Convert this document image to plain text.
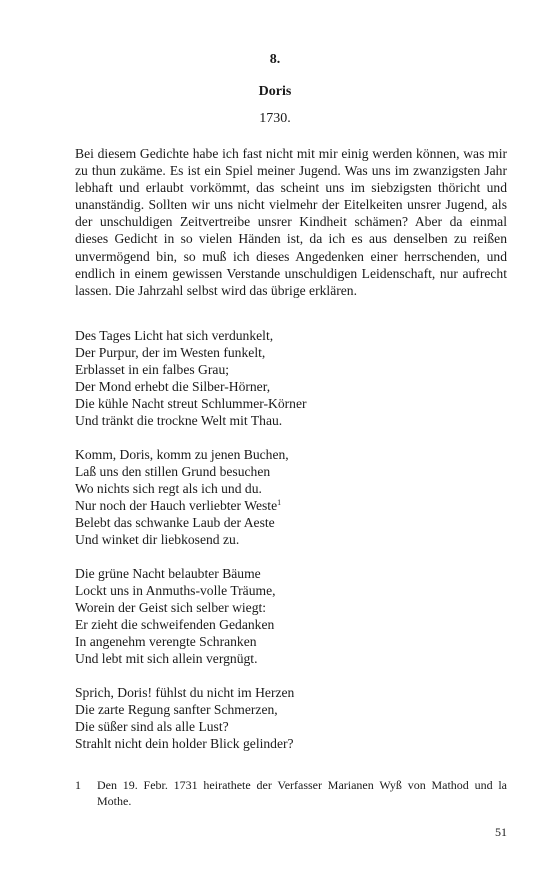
8.
Doris
1730.

Bei diesem Gedichte habe ich fast nicht mit mir einig werden können, was mir zu thun zukäme. Es ist ein Spiel meiner Jugend. Was uns im zwanzigsten Jahr lebhaft und erlaubt vorkömmt, das scheint uns im siebzigsten thöricht und unanständig. Sollten wir uns nicht vielmehr der Eitelkeiten unsrer Jugend, als der unschuldigen Zeitvertreibe unsrer Kindheit schämen? Aber da einmal dieses Gedicht in so vielen Händen ist, da ich es aus denselben zu reißen unvermögend bin, so muß ich dieses Angedenken einer herrschenden, und endlich in einem gewissen Verstande unschuldigen Leidenschaft, nur aufrecht lassen. Die Jahrzahl selbst wird das übrige erklären.

Des Tages Licht hat sich verdunkelt,
Der Purpur, der im Westen funkelt,
Erblasset in ein falbes Grau;
Der Mond erhebt die Silber-Hörner,
Die kühle Nacht streut Schlummer-Körner
Und tränkt die trockne Welt mit Thau.
Komm, Doris, komm zu jenen Buchen,
Laß uns den stillen Grund besuchen
Wo nichts sich regt als ich und du.
Nur noch der Hauch verliebter Weste$^1$
Belebt das schwanke Laub der Aeste
Und winket dir liebkosend zu.
Die grüne Nacht belaubter Bäume
Lockt uns in Anmuths-volle Träume,
Worein der Geist sich selber wiegt:
Er zieht die schweifenden Gedanken
In angenehm verengte Schranken
Und lebt mit sich allein vergnügt.
Sprich, Doris! fühlst du nicht im Herzen
Die zarte Regung sanfter Schmerzen,
Die süßer sind als alle Lust?
Strahlt nicht dein holder Blick gelinder?
1 Den 19. Febr. 1731 heirathete der Verfasser Marianen Wyß von Mathod und la Mothe.
51
